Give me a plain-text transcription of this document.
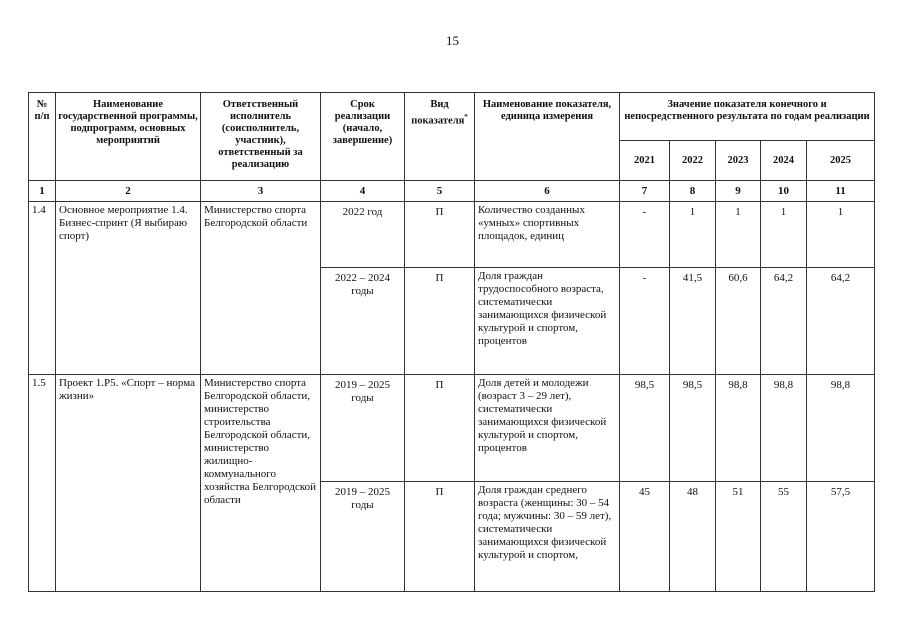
15
№ п/п	Наименование государственной программы, подпрограмм, основных мероприятий	Ответственный исполнитель (соисполнитель, участник), ответственный за реализацию	Срок реализации (начало, завершение)	Вид показателя*	Наименование показателя, единица измерения	Значение показателя конечного и непосредственного результата по годам реализации				
						2021	2022	2023	2024	2025
1	2	3	4	5	6	7	8	9	10	11
1.4	Основное мероприятие 1.4. Бизнес-спринт (Я выбираю спорт)	Министерство спорта Белгородской области	2022 год	П	Количество созданных «умных» спортивных площадок, единиц	-	1	1	1	1
			2022 – 2024 годы	П	Доля граждан трудоспособного возраста, систематически занимающихся физической культурой и спортом, процентов	-	41,5	60,6	64,2	64,2
1.5	Проект 1.Р5. «Спорт – норма жизни»	Министерство спорта Белгородской области, министерство строительства Белгородской области, министерство жилищно-коммунального хозяйства Белгородской области	2019 – 2025 годы	П	Доля детей и молодежи (возраст 3 – 29 лет), систематически занимающихся физической культурой и спортом, процентов	98,5	98,5	98,8	98,8	98,8
			2019 – 2025 годы	П	Доля граждан среднего возраста (женщины: 30 – 54 года; мужчины: 30 – 59 лет), систематически занимающихся физической культурой и спортом,	45	48	51	55	57,5
